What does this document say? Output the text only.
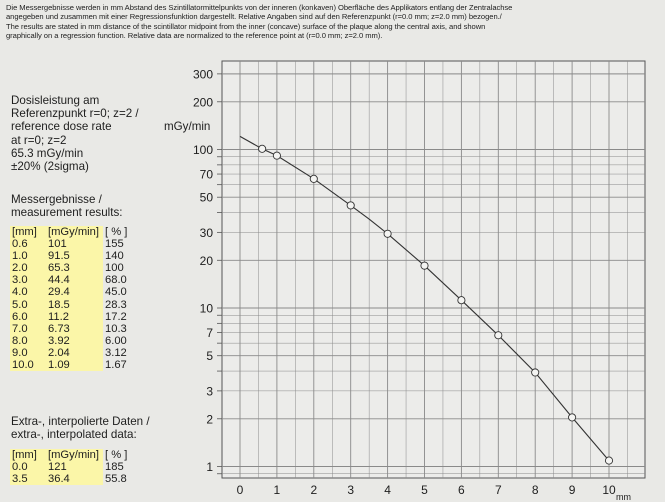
Die Messergebnisse werden in mm Abstand des Szintillatormittelpunkts von der inneren (konkaven) Oberfläche des Applikators entlang der Zentralachse
angegeben und zusammen mit einer Regressionsfunktion dargestellt. Relative Angaben sind auf den Referenzpunkt (r=0.0 mm; z=2.0 mm) bezogen./
The results are stated in mm distance of the scintillator midpoint from the inner (concave) surface of the plaque along the central axis, and shown
graphically on a regression function. Relative data are normalized to the reference point at (r=0.0 mm; z=2.0 mm).
Dosisleistung am
Referenzpunkt r=0; z=2 /
reference dose rate
at r=0; z=2
65.3 mGy/min
±20% (2sigma)
Messergebnisse /
measurement results:
[mm]	[mGy/min]	[ % ]
0.6	101	155
1.0	91.5	140
2.0	65.3	100
3.0	44.4	68.0
4.0	29.4	45.0
5.0	18.5	28.3
6.0	11.2	17.2
7.0	6.73	10.3
8.0	3.92	6.00
9.0	2.04	3.12
10.0	1.09	1.67
Extra-, interpolierte Daten /
extra-, interpolated data:
[mm]	[mGy/min]	[ % ]
0.0	121	185
3.5	36.4	55.8
300
200
100
70
50
30
20
10
7
5
3
2
1
0	1	2	3	4	5	6	7	8	9 10
mGy/min
mm
